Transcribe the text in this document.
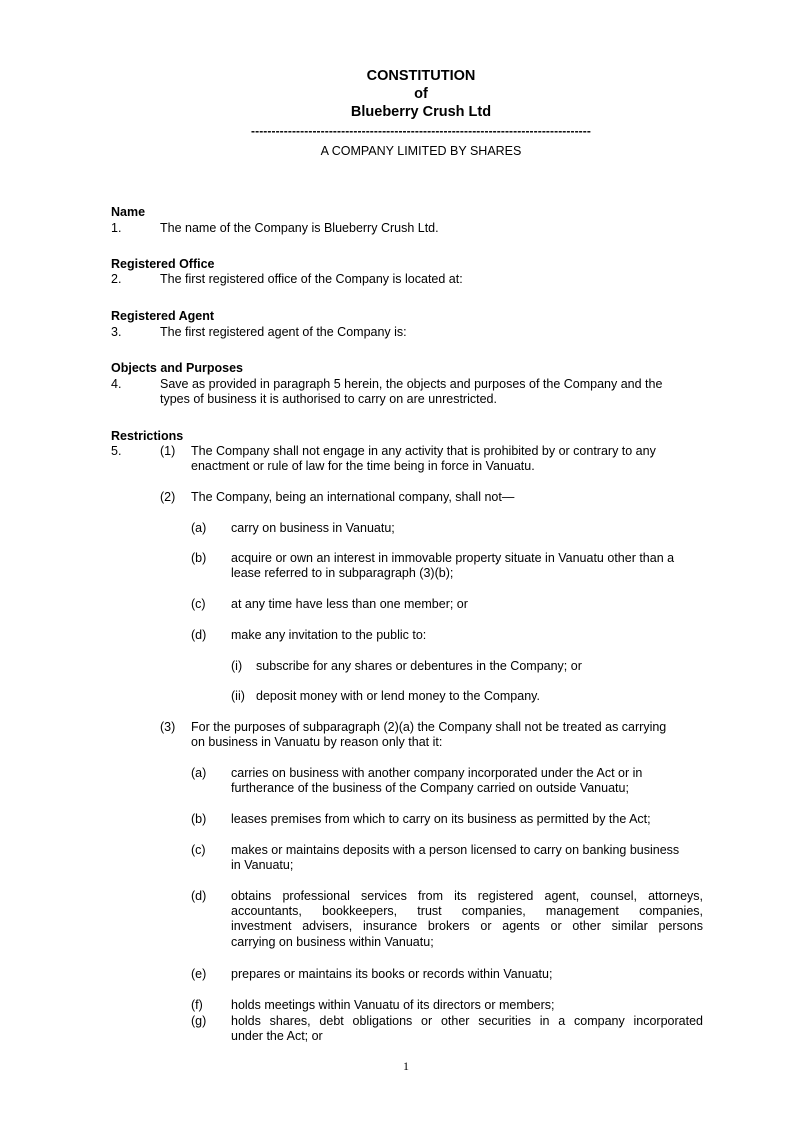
CONSTITUTION
of
Blueberry Crush Ltd
-----------------------------------------------------------------------------------
A COMPANY LIMITED BY SHARES
Name
1.	The name of the Company is Blueberry Crush Ltd.
Registered Office
2.	The first registered office of the Company is located at:
Registered Agent
3.	The first registered agent of the Company is:
Objects and Purposes
4.	Save as provided in paragraph 5 herein, the objects and purposes of the Company and the
types of business it is authorised to carry on are unrestricted.
Restrictions
5.	(1) The Company shall not engage in any activity that is prohibited by or contrary to any
enactment or rule of law for the time being in force in Vanuatu.
(2) The Company, being an international company, shall not—
(a) carry on business in Vanuatu;
(b) acquire or own an interest in immovable property situate in Vanuatu other than a
lease referred to in subparagraph (3)(b);
(c) at any time have less than one member; or
(d) make any invitation to the public to:
(i) subscribe for any shares or debentures in the Company; or
(ii) deposit money with or lend money to the Company.
(3) For the purposes of subparagraph (2)(a) the Company shall not be treated as carrying
on business in Vanuatu by reason only that it:
(a) carries on business with another company incorporated under the Act or in
furtherance of the business of the Company carried on outside Vanuatu;
(b) leases premises from which to carry on its business as permitted by the Act;
(c) makes or maintains deposits with a person licensed to carry on banking business
in Vanuatu;
(d) obtains professional services from its registered agent, counsel, attorneys,
accountants, bookkeepers, trust companies, management companies,
investment advisers, insurance brokers or agents or other similar persons
carrying on business within Vanuatu;
(e) prepares or maintains its books or records within Vanuatu;
(f) holds meetings within Vanuatu of its directors or members;
(g) holds shares, debt obligations or other securities in a company incorporated
under the Act; or
1
